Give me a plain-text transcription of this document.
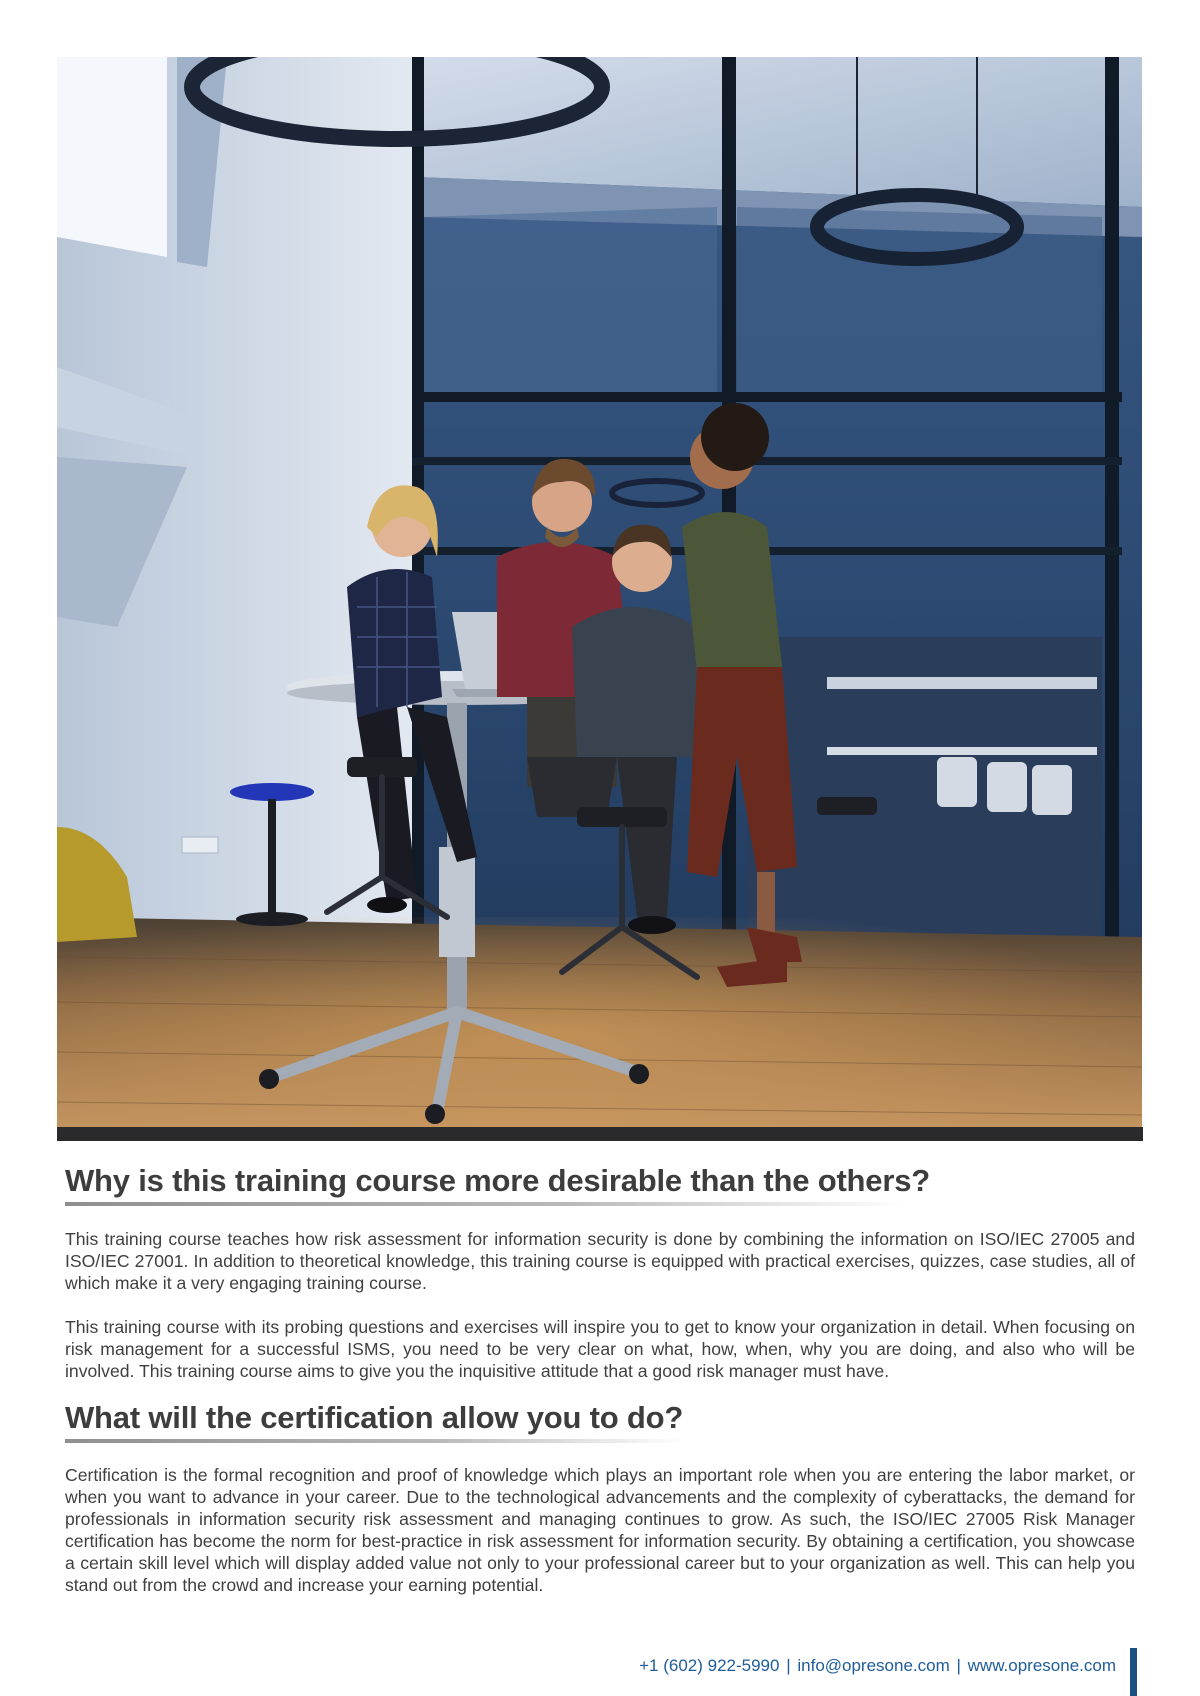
Why is this training course more desirable than the others?

This training course teaches how risk assessment for information security is done by combining the information on ISO/IEC 27005 and ISO/IEC 27001. In addition to theoretical knowledge, this training course is equipped with practical exercises, quizzes, case studies, all of which make it a very engaging training course.

This training course with its probing questions and exercises will inspire you to get to know your organization in detail. When focusing on risk management for a successful ISMS, you need to be very clear on what, how, when, why you are doing, and also who will be involved. This training course aims to give you the inquisitive attitude that a good risk manager must have.

What will the certification allow you to do?

Certification is the formal recognition and proof of knowledge which plays an important role when you are entering the labor market, or when you want to advance in your career. Due to the technological advancements and the complexity of cyberattacks, the demand for professionals in information security risk assessment and managing continues to grow. As such, the ISO/IEC 27005 Risk Manager certification has become the norm for best-practice in risk assessment for information security. By obtaining a certification, you showcase a certain skill level which will display added value not only to your professional career but to your organization as well. This can help you stand out from the crowd and increase your earning potential.

+1 (602) 922-5990 | info@opresone.com | www.opresone.com
